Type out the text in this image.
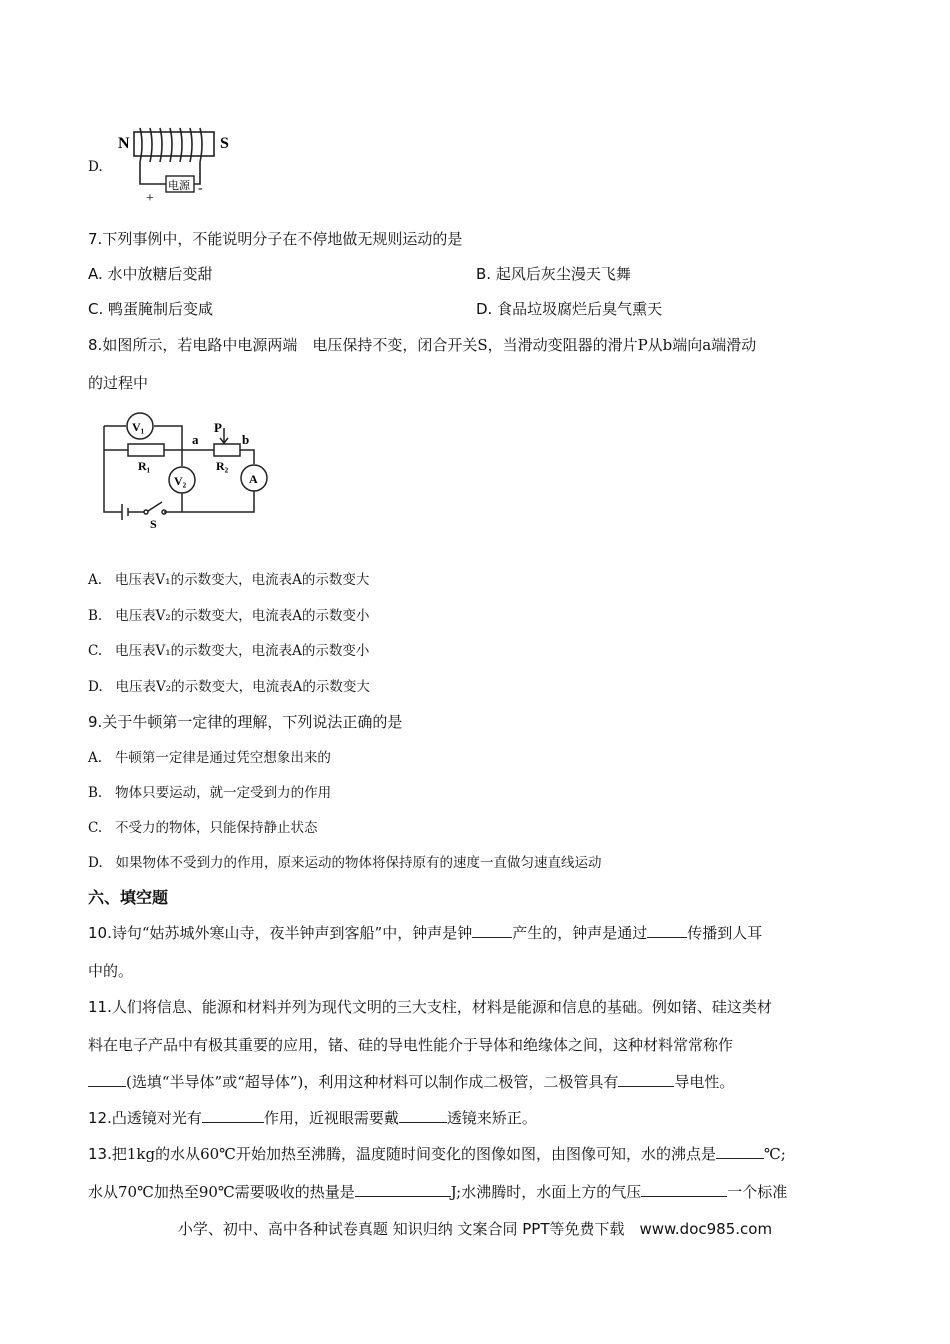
D.
N	S
电源
+
-
7.下列事例中，不能说明分子在不停地做无规则运动的是
A. 水中放糖后变甜	B. 起风后灰尘漫天飞舞
C. 鸭蛋腌制后变咸	D. 食品垃圾腐烂后臭气熏天
8.如图所示，若电路中电源两端　电压保持不变，闭合开关S，当滑动变阻器的滑片P从b端向a端滑动
的过程中
V₁
R₁
V₂
a
P
b
R₂
A
S
A. 电压表V₁的示数变大，电流表A的示数变大
B. 电压表V₂的示数变大，电流表A的示数变小
C. 电压表V₁的示数变大，电流表A的示数变小
D. 电压表V₂的示数变大，电流表A的示数变大
9.关于牛顿第一定律的理解，下列说法正确的是
A. 牛顿第一定律是通过凭空想象出来的
B. 物体只要运动，就一定受到力的作用
C. 不受力的物体，只能保持静止状态
D. 如果物体不受到力的作用，原来运动的物体将保持原有的速度一直做匀速直线运动
六、填空题
10.诗句“姑苏城外寒山寺，夜半钟声到客船”中，钟声是钟	产生的，钟声是通过	传播到人耳
中的。
11.人们将信息、能源和材料并列为现代文明的三大支柱，材料是能源和信息的基础。例如锗、硅这类材
料在电子产品中有极其重要的应用，锗、硅的导电性能介于导体和绝缘体之间，这种材料常常称作
(选填“半导体”或“超导体”)，利用这种材料可以制作成二极管，二极管具有	导电性。
12.凸透镜对光有	作用，近视眼需要戴	透镜来矫正。
13.把1kg的水从60℃开始加热至沸腾，温度随时间变化的图像如图，由图像可知，水的沸点是	℃;
水从70℃加热至90℃需要吸收的热量是	J;水沸腾时，水面上方的气压	一个标准
小学、初中、高中各种试卷真题 知识归纳 文案合同 PPT等免费下载　www.doc985.com
